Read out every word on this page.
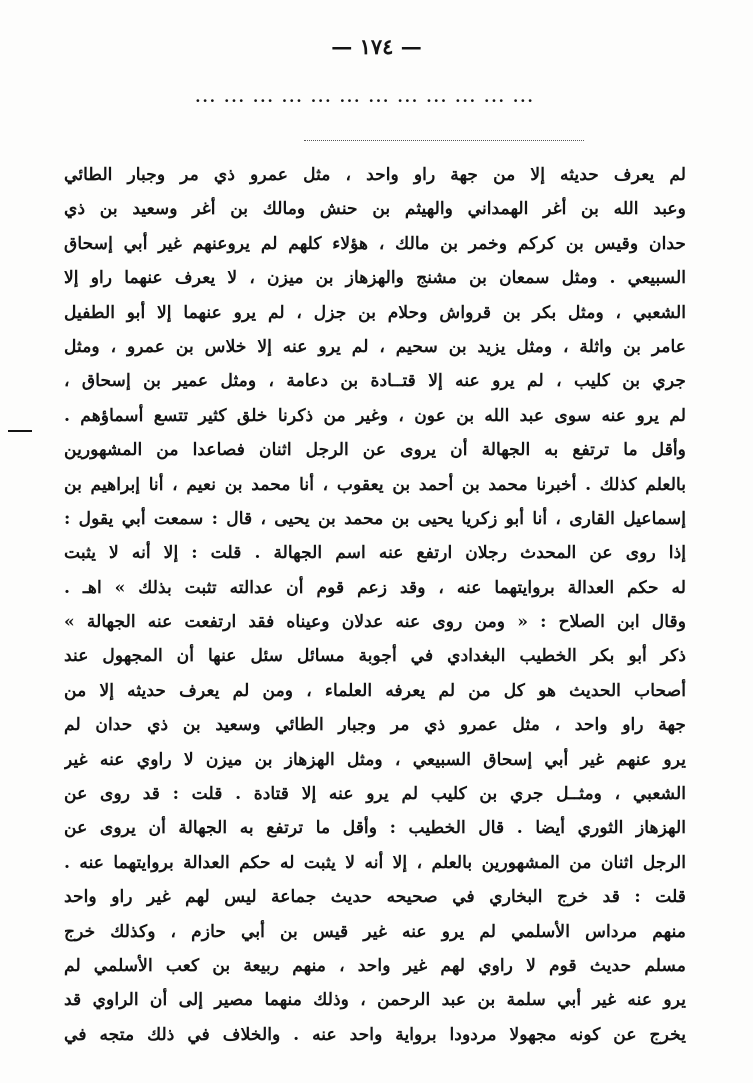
— ١٧٤ —
... ... ... ... ... ... ... ... ... ... ... ...
لم يعرف حديثه إلا من جهة راو واحد ، مثل عمرو ذي مر وجبار الطائي
وعبد الله بن أغر الهمداني والهيثم بن حنش ومالك بن أغر وسعيد بن ذي
حدان وقيس بن كركم وخمر بن مالك ، هؤلاء كلهم لم يروعنهم غير أبي إسحاق
السبيعي . ومثل سمعان بن مشنج والهزهاز بن ميزن ، لا يعرف عنهما راو إلا
الشعبي ، ومثل بكر بن قرواش وحلام بن جزل ، لم يرو عنهما إلا أبو الطفيل
عامر بن واثلة ، ومثل يزيد بن سحيم ، لم يرو عنه إلا خلاس بن عمرو ، ومثل
جري بن كليب ، لم يرو عنه إلا قتــادة بن دعامة ، ومثل عمير بن إسحاق ،
لم يرو عنه سوى عبد الله بن عون ، وغير من ذكرنا خلق كثير تتسع أسماؤهم .
وأقل ما ترتفع به الجهالة أن يروى عن الرجل اثنان فصاعدا من المشهورين
بالعلم كذلك . أخبرنا محمد بن أحمد بن يعقوب ، أنا محمد بن نعيم ، أنا إبراهيم بن
إسماعيل القارى ، أنا أبو زكريا يحيى بن محمد بن يحيى ، قال : سمعت أبي يقول :
إذا روى عن المحدث رجلان ارتفع عنه اسم الجهالة . قلت : إلا أنه لا يثبت
له حكم العدالة بروايتهما عنه ، وقد زعم قوم أن عدالته تثبت بذلك » اهـ .
وقال ابن الصلاح : « ومن روى عنه عدلان وعيناه فقد ارتفعت عنه الجهالة »
ذكر أبو بكر الخطيب البغدادي في أجوبة مسائل سئل عنها أن المجهول عند
أصحاب الحديث هو كل من لم يعرفه العلماء ، ومن لم يعرف حديثه إلا من
جهة راو واحد ، مثل عمرو ذي مر وجبار الطائي وسعيد بن ذي حدان لم
يرو عنهم غير أبي إسحاق السبيعي ، ومثل الهزهاز بن ميزن لا راوي عنه غير
الشعبي ، ومثــل جري بن كليب لم يرو عنه إلا قتادة . قلت : قد روى عن
الهزهاز الثوري أيضا . قال الخطيب : وأقل ما ترتفع به الجهالة أن يروى عن
الرجل اثنان من المشهورين بالعلم ، إلا أنه لا يثبت له حكم العدالة بروايتهما عنه .
قلت : قد خرج البخاري في صحيحه حديث جماعة ليس لهم غير راو واحد
منهم مرداس الأسلمي لم يرو عنه غير قيس بن أبي حازم ، وكذلك خرج
مسلم حديث قوم لا راوي لهم غير واحد ، منهم ربيعة بن كعب الأسلمي لم
يرو عنه غير أبي سلمة بن عبد الرحمن ، وذلك منهما مصير إلى أن الراوي قد
يخرج عن كونه مجهولا مردودا برواية واحد عنه . والخلاف في ذلك متجه في
